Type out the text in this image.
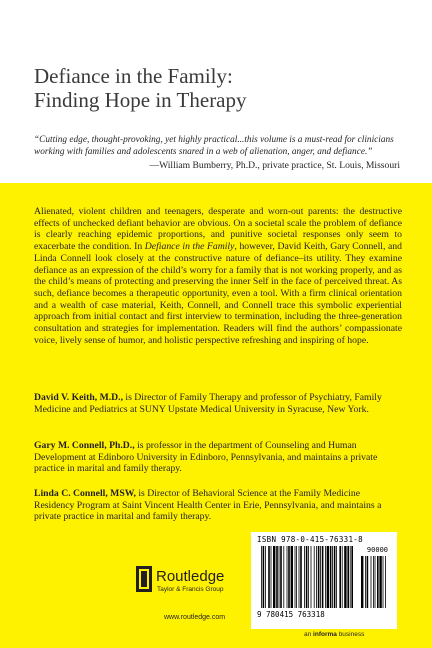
Defiance in the Family:
Finding Hope in Therapy
“Cutting edge, thought-provoking, yet highly practical...this volume is a must-read for clinicians working with families and adolescents snared in a web of alienation, anger, and defiance.”
—William Bumberry, Ph.D., private practice, St. Louis, Missouri
Alienated, violent children and teenagers, desperate and worn-out parents: the destructive effects of unchecked defiant behavior are obvious. On a societal scale the problem of defiance is clearly reaching epidemic proportions, and punitive societal responses only seem to exacerbate the condition. In Defiance in the Family, however, David Keith, Gary Connell, and Linda Connell look closely at the constructive nature of defiance–its utility. They examine defiance as an expression of the child’s worry for a family that is not working properly, and as the child’s means of protecting and preserving the inner Self in the face of perceived threat. As such, defiance becomes a therapeutic opportunity, even a tool. With a firm clinical orientation and a wealth of case material, Keith, Connell, and Connell trace this symbolic experiential approach from initial contact and first interview to termination, including the three-generation consultation and strategies for implementation. Readers will find the authors’ compassionate voice, lively sense of humor, and holistic perspective refreshing and inspiring of hope.
David V. Keith, M.D., is Director of Family Therapy and professor of Psychiatry, Family Medicine and Pediatrics at SUNY Upstate Medical University in Syracuse, New York.
Gary M. Connell, Ph.D., is professor in the department of Counseling and Human Development at Edinboro University in Edinboro, Pennsylvania, and maintains a private practice in marital and family therapy.
Linda C. Connell, MSW, is Director of Behavioral Science at the Family Medicine Residency Program at Saint Vincent Health Center in Erie, Pennsylvania, and maintains a private practice in marital and family therapy.
ISBN 978-0-415-76331-8
90000
9 780415 763318
Routledge
Taylor & Francis Group
www.routledge.com
an informa business
